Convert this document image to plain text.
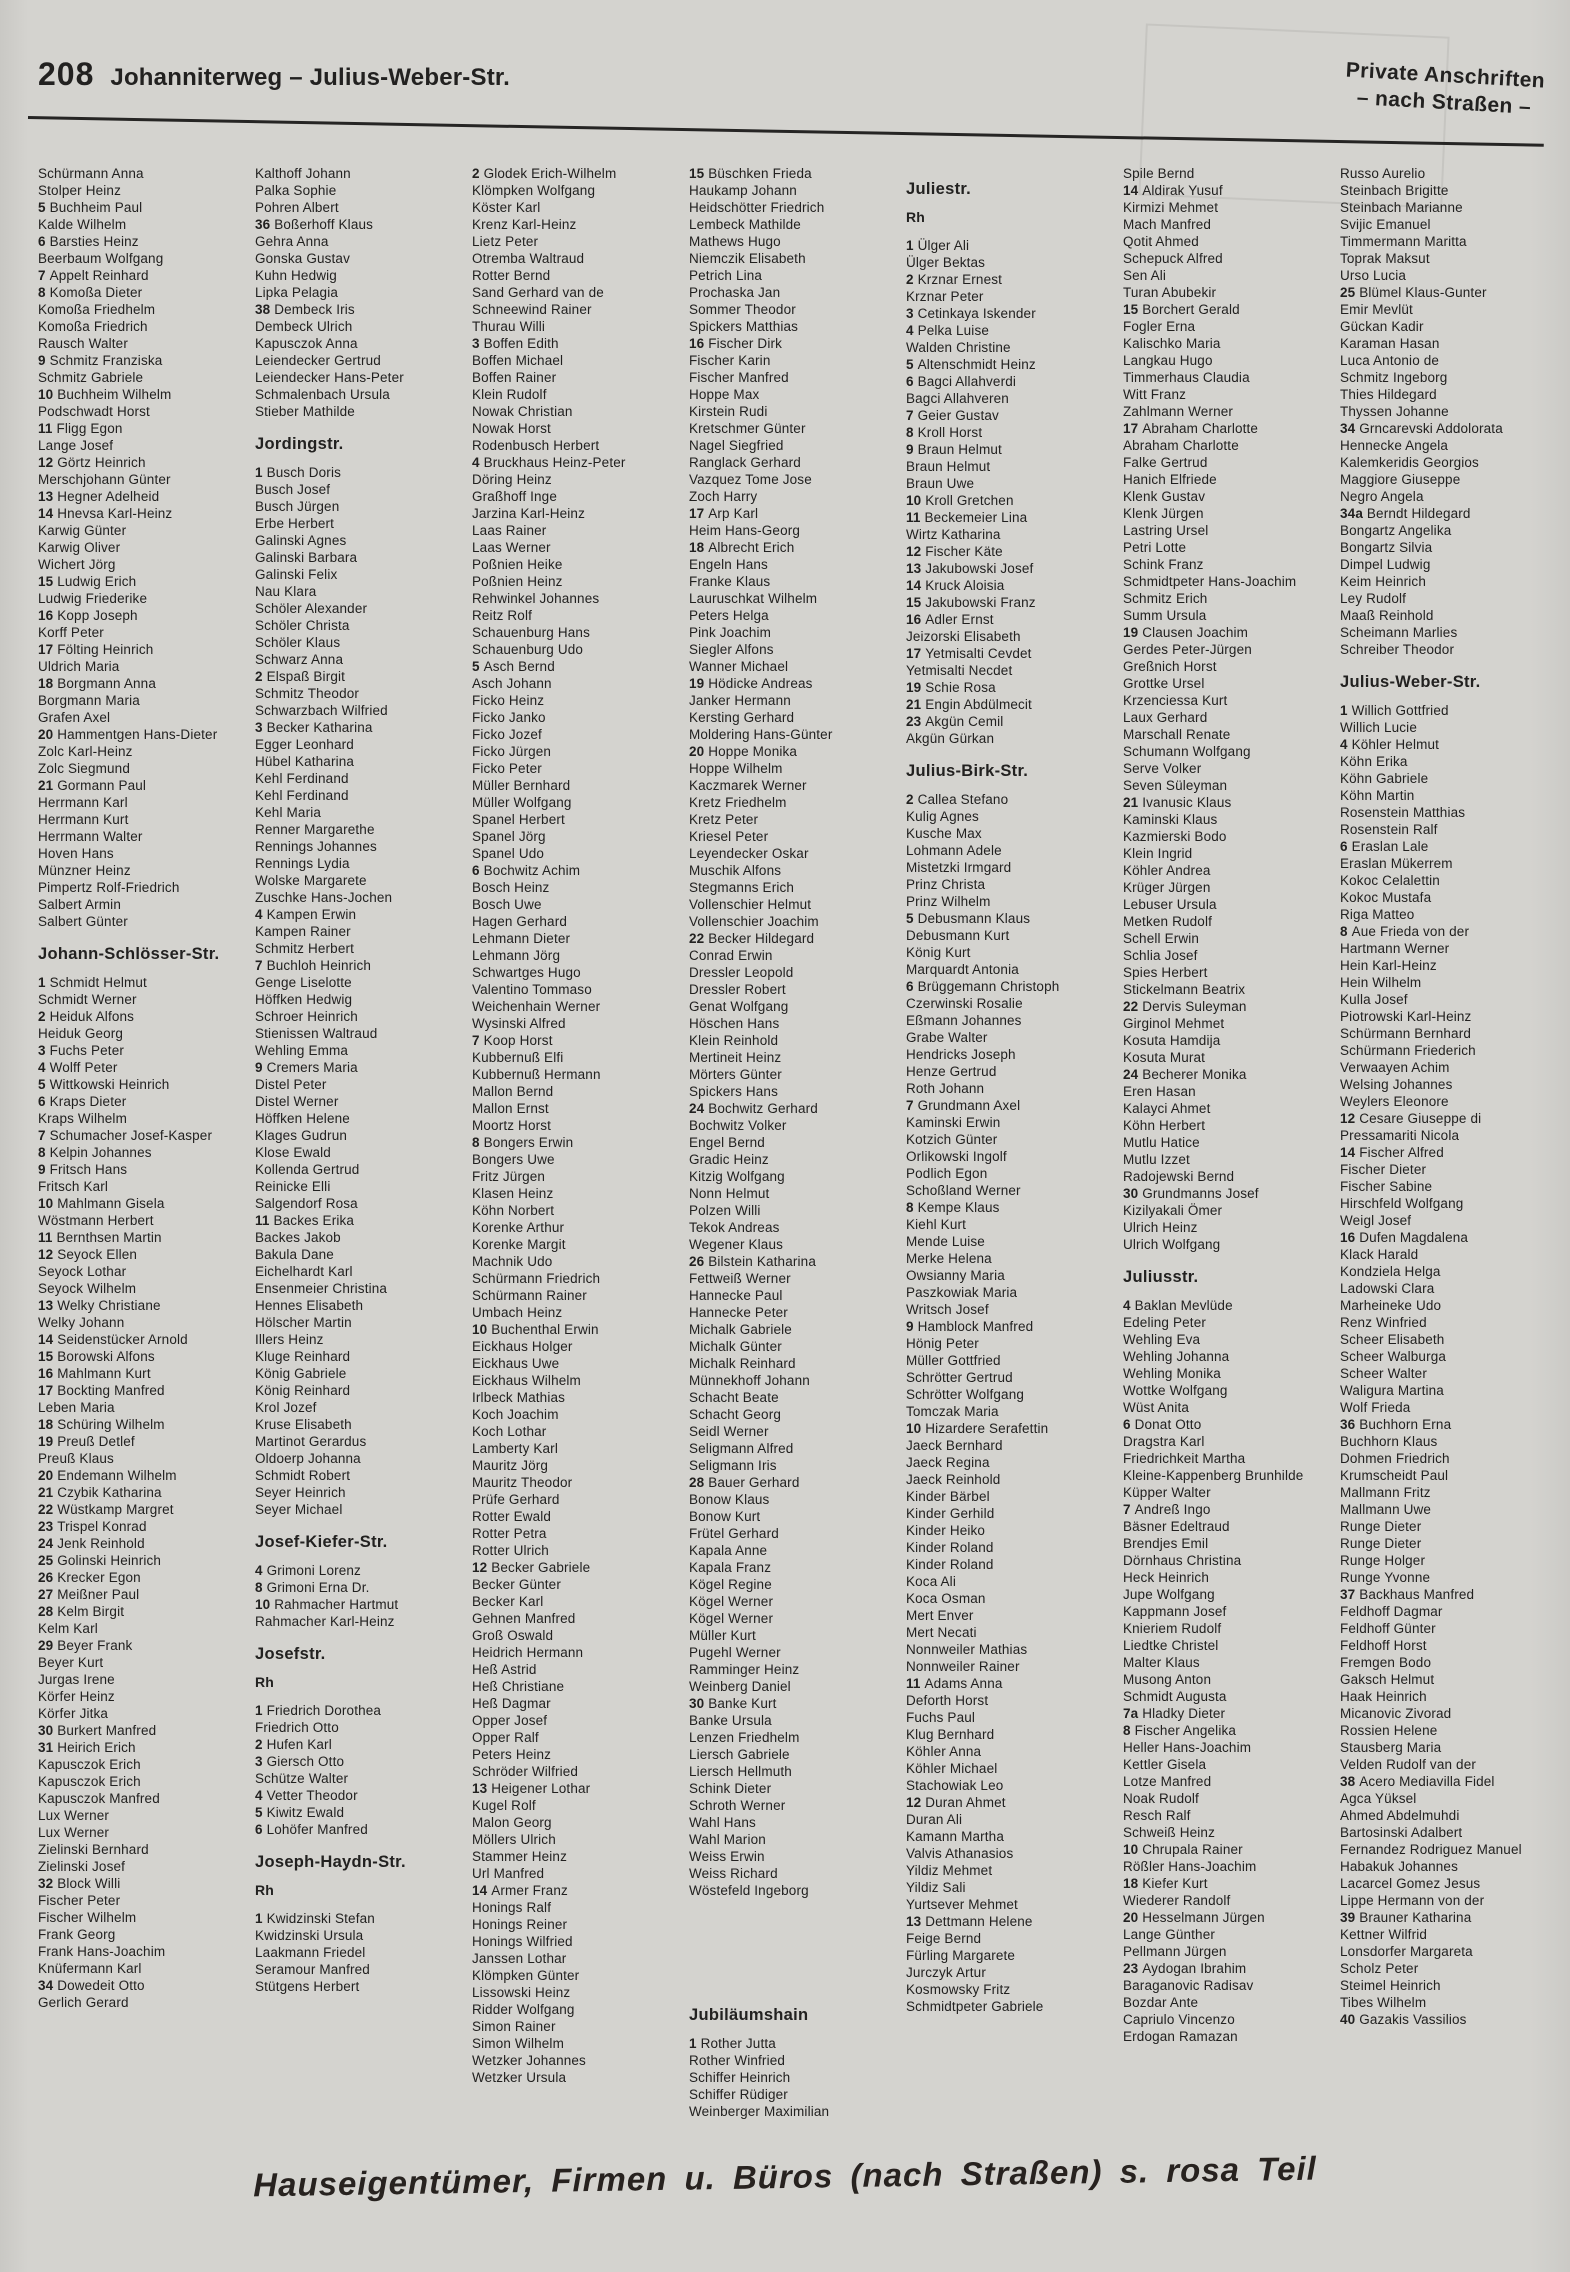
208 Johanniterweg – Julius-Weber-Str.	Private Anschriften
– nach Straßen –
Schürmann Anna
Stolper Heinz
5 Buchheim Paul
Kalde Wilhelm
6 Barsties Heinz
Beerbaum Wolfgang
7 Appelt Reinhard
8 Komoßa Dieter
Komoßa Friedhelm
Komoßa Friedrich
Rausch Walter
9 Schmitz Franziska
Schmitz Gabriele
10 Buchheim Wilhelm
Podschwadt Horst
11 Fligg Egon
Lange Josef
12 Görtz Heinrich
Merschjohann Günter
13 Hegner Adelheid
14 Hnevsa Karl-Heinz
Karwig Günter
Karwig Oliver
Wichert Jörg
15 Ludwig Erich
Ludwig Friederike
16 Kopp Joseph
Korff Peter
17 Fölting Heinrich
Uldrich Maria
18 Borgmann Anna
Borgmann Maria
Grafen Axel
20 Hammentgen Hans-Dieter
Zolc Karl-Heinz
Zolc Siegmund
21 Gormann Paul
Herrmann Karl
Herrmann Kurt
Herrmann Walter
Hoven Hans
Münzner Heinz
Pimpertz Rolf-Friedrich
Salbert Armin
Salbert Günter
Johann-Schlösser-Str.
1 Schmidt Helmut
Schmidt Werner
2 Heiduk Alfons
Heiduk Georg
3 Fuchs Peter
4 Wolff Peter
5 Wittkowski Heinrich
6 Kraps Dieter
Kraps Wilhelm
7 Schumacher Josef-Kasper
8 Kelpin Johannes
9 Fritsch Hans
Fritsch Karl
10 Mahlmann Gisela
Wöstmann Herbert
11 Bernthsen Martin
12 Seyock Ellen
Seyock Lothar
Seyock Wilhelm
13 Welky Christiane
Welky Johann
14 Seidenstücker Arnold
15 Borowski Alfons
16 Mahlmann Kurt
17 Bockting Manfred
Leben Maria
18 Schüring Wilhelm
19 Preuß Detlef
Preuß Klaus
20 Endemann Wilhelm
21 Czybik Katharina
22 Wüstkamp Margret
23 Trispel Konrad
24 Jenk Reinhold
25 Golinski Heinrich
26 Krecker Egon
27 Meißner Paul
28 Kelm Birgit
Kelm Karl
29 Beyer Frank
Beyer Kurt
Jurgas Irene
Körfer Heinz
Körfer Jitka
30 Burkert Manfred
31 Heirich Erich
Kapusczok Erich
Kapusczok Erich
Kapusczok Manfred
Lux Werner
Lux Werner
Zielinski Bernhard
Zielinski Josef
32 Block Willi
Fischer Peter
Fischer Wilhelm
Frank Georg
Frank Hans-Joachim
Knüfermann Karl
34 Dowedeit Otto
Gerlich Gerard
Kalthoff Johann
Palka Sophie
Pohren Albert
36 Boßerhoff Klaus
Gehra Anna
Gonska Gustav
Kuhn Hedwig
Lipka Pelagia
38 Dembeck Iris
Dembeck Ulrich
Kapusczok Anna
Leiendecker Gertrud
Leiendecker Hans-Peter
Schmalenbach Ursula
Stieber Mathilde
Jordingstr.
1 Busch Doris
Busch Josef
Busch Jürgen
Erbe Herbert
Galinski Agnes
Galinski Barbara
Galinski Felix
Nau Klara
Schöler Alexander
Schöler Christa
Schöler Klaus
Schwarz Anna
2 Elspaß Birgit
Schmitz Theodor
Schwarzbach Wilfried
3 Becker Katharina
Egger Leonhard
Hübel Katharina
Kehl Ferdinand
Kehl Ferdinand
Kehl Maria
Renner Margarethe
Rennings Johannes
Rennings Lydia
Wolske Margarete
Zuschke Hans-Jochen
4 Kampen Erwin
Kampen Rainer
Schmitz Herbert
7 Buchloh Heinrich
Genge Liselotte
Höffken Hedwig
Schroer Heinrich
Stienissen Waltraud
Wehling Emma
9 Cremers Maria
Distel Peter
Distel Werner
Höffken Helene
Klages Gudrun
Klose Ewald
Kollenda Gertrud
Reinicke Elli
Salgendorf Rosa
11 Backes Erika
Backes Jakob
Bakula Dane
Eichelhardt Karl
Ensenmeier Christina
Hennes Elisabeth
Hölscher Martin
Illers Heinz
Kluge Reinhard
König Gabriele
König Reinhard
Krol Jozef
Kruse Elisabeth
Martinot Gerardus
Oldoerp Johanna
Schmidt Robert
Seyer Heinrich
Seyer Michael
Josef-Kiefer-Str.
4 Grimoni Lorenz
8 Grimoni Erna Dr.
10 Rahmacher Hartmut
Rahmacher Karl-Heinz
Josefstr.
Rh
1 Friedrich Dorothea
Friedrich Otto
2 Hufen Karl
3 Giersch Otto
Schütze Walter
4 Vetter Theodor
5 Kiwitz Ewald
6 Lohöfer Manfred
Joseph-Haydn-Str.
Rh
1 Kwidzinski Stefan
Kwidzinski Ursula
Laakmann Friedel
Seramour Manfred
Stütgens Herbert
2 Glodek Erich-Wilhelm
Klömpken Wolfgang
Köster Karl
Krenz Karl-Heinz
Lietz Peter
Otremba Waltraud
Rotter Bernd
Sand Gerhard van de
Schneewind Rainer
Thurau Willi
3 Boffen Edith
Boffen Michael
Boffen Rainer
Klein Rudolf
Nowak Christian
Nowak Horst
Rodenbusch Herbert
4 Bruckhaus Heinz-Peter
Döring Heinz
Graßhoff Inge
Jarzina Karl-Heinz
Laas Rainer
Laas Werner
Poßnien Heike
Poßnien Heinz
Rehwinkel Johannes
Reitz Rolf
Schauenburg Hans
Schauenburg Udo
5 Asch Bernd
Asch Johann
Ficko Heinz
Ficko Janko
Ficko Jozef
Ficko Jürgen
Ficko Peter
Müller Bernhard
Müller Wolfgang
Spanel Herbert
Spanel Jörg
Spanel Udo
6 Bochwitz Achim
Bosch Heinz
Bosch Uwe
Hagen Gerhard
Lehmann Dieter
Lehmann Jörg
Schwartges Hugo
Valentino Tommaso
Weichenhain Werner
Wysinski Alfred
7 Koop Horst
Kubbernuß Elfi
Kubbernuß Hermann
Mallon Bernd
Mallon Ernst
Moortz Horst
8 Bongers Erwin
Bongers Uwe
Fritz Jürgen
Klasen Heinz
Köhn Norbert
Korenke Arthur
Korenke Margit
Machnik Udo
Schürmann Friedrich
Schürmann Rainer
Umbach Heinz
10 Buchenthal Erwin
Eickhaus Holger
Eickhaus Uwe
Eickhaus Wilhelm
Irlbeck Mathias
Koch Joachim
Koch Lothar
Lamberty Karl
Mauritz Jörg
Mauritz Theodor
Prüfe Gerhard
Rotter Ewald
Rotter Petra
Rotter Ulrich
12 Becker Gabriele
Becker Günter
Becker Karl
Gehnen Manfred
Groß Oswald
Heidrich Hermann
Heß Astrid
Heß Christiane
Heß Dagmar
Opper Josef
Opper Ralf
Peters Heinz
Schröder Wilfried
13 Heigener Lothar
Kugel Rolf
Malon Georg
Möllers Ulrich
Stammer Heinz
Url Manfred
14 Armer Franz
Honings Ralf
Honings Reiner
Honings Wilfried
Janssen Lothar
Klömpken Günter
Lissowski Heinz
Ridder Wolfgang
Simon Rainer
Simon Wilhelm
Wetzker Johannes
Wetzker Ursula
15 Büschken Frieda
Haukamp Johann
Heidschötter Friedrich
Lembeck Mathilde
Mathews Hugo
Niemczik Elisabeth
Petrich Lina
Prochaska Jan
Sommer Theodor
Spickers Matthias
16 Fischer Dirk
Fischer Karin
Fischer Manfred
Hoppe Max
Kirstein Rudi
Kretschmer Günter
Nagel Siegfried
Ranglack Gerhard
Vazquez Tome Jose
Zoch Harry
17 Arp Karl
Heim Hans-Georg
18 Albrecht Erich
Engeln Hans
Franke Klaus
Lauruschkat Wilhelm
Peters Helga
Pink Joachim
Siegler Alfons
Wanner Michael
19 Hödicke Andreas
Janker Hermann
Kersting Gerhard
Moldering Hans-Günter
20 Hoppe Monika
Hoppe Wilhelm
Kaczmarek Werner
Kretz Friedhelm
Kretz Peter
Kriesel Peter
Leyendecker Oskar
Muschik Alfons
Stegmanns Erich
Vollenschier Helmut
Vollenschier Joachim
22 Becker Hildegard
Conrad Erwin
Dressler Leopold
Dressler Robert
Genat Wolfgang
Höschen Hans
Klein Reinhold
Mertineit Heinz
Mörters Günter
Spickers Hans
24 Bochwitz Gerhard
Bochwitz Volker
Engel Bernd
Gradic Heinz
Kitzig Wolfgang
Nonn Helmut
Polzen Willi
Tekok Andreas
Wegener Klaus
26 Bilstein Katharina
Fettweiß Werner
Hannecke Paul
Hannecke Peter
Michalk Gabriele
Michalk Günter
Michalk Reinhard
Münnekhoff Johann
Schacht Beate
Schacht Georg
Seidl Werner
Seligmann Alfred
Seligmann Iris
28 Bauer Gerhard
Bonow Klaus
Bonow Kurt
Frütel Gerhard
Kapala Anne
Kapala Franz
Kögel Regine
Kögel Werner
Kögel Werner
Müller Kurt
Pugehl Werner
Ramminger Heinz
Weinberg Daniel
30 Banke Kurt
Banke Ursula
Lenzen Friedhelm
Liersch Gabriele
Liersch Hellmuth
Schink Dieter
Schroth Werner
Wahl Hans
Wahl Marion
Weiss Erwin
Weiss Richard
Wöstefeld Ingeborg
Jubiläumshain
1 Rother Jutta
Rother Winfried
Schiffer Heinrich
Schiffer Rüdiger
Weinberger Maximilian
Juliestr.
Rh
1 Ülger Ali
Ülger Bektas
2 Krznar Ernest
Krznar Peter
3 Cetinkaya Iskender
4 Pelka Luise
Walden Christine
5 Altenschmidt Heinz
6 Bagci Allahverdi
Bagci Allahveren
7 Geier Gustav
8 Kroll Horst
9 Braun Helmut
Braun Helmut
Braun Uwe
10 Kroll Gretchen
11 Beckemeier Lina
Wirtz Katharina
12 Fischer Käte
13 Jakubowski Josef
14 Kruck Aloisia
15 Jakubowski Franz
16 Adler Ernst
Jeizorski Elisabeth
17 Yetmisalti Cevdet
Yetmisalti Necdet
19 Schie Rosa
21 Engin Abdülmecit
23 Akgün Cemil
Akgün Gürkan
Julius-Birk-Str.
2 Callea Stefano
Kulig Agnes
Kusche Max
Lohmann Adele
Mistetzki Irmgard
Prinz Christa
Prinz Wilhelm
5 Debusmann Klaus
Debusmann Kurt
König Kurt
Marquardt Antonia
6 Brüggemann Christoph
Czerwinski Rosalie
Eßmann Johannes
Grabe Walter
Hendricks Joseph
Henze Gertrud
Roth Johann
7 Grundmann Axel
Kaminski Erwin
Kotzich Günter
Orlikowski Ingolf
Podlich Egon
Schoßland Werner
8 Kempe Klaus
Kiehl Kurt
Mende Luise
Merke Helena
Owsianny Maria
Paszkowiak Maria
Writsch Josef
9 Hamblock Manfred
Hönig Peter
Müller Gottfried
Schrötter Gertrud
Schrötter Wolfgang
Tomczak Maria
10 Hizardere Serafettin
Jaeck Bernhard
Jaeck Regina
Jaeck Reinhold
Kinder Bärbel
Kinder Gerhild
Kinder Heiko
Kinder Roland
Kinder Roland
Koca Ali
Koca Osman
Mert Enver
Mert Necati
Nonnweiler Mathias
Nonnweiler Rainer
11 Adams Anna
Deforth Horst
Fuchs Paul
Klug Bernhard
Köhler Anna
Köhler Michael
Stachowiak Leo
12 Duran Ahmet
Duran Ali
Kamann Martha
Valvis Athanasios
Yildiz Mehmet
Yildiz Sali
Yurtsever Mehmet
13 Dettmann Helene
Feige Bernd
Fürling Margarete
Jurczyk Artur
Kosmowsky Fritz
Schmidtpeter Gabriele
Spile Bernd
14 Aldirak Yusuf
Kirmizi Mehmet
Mach Manfred
Qotit Ahmed
Schepuck Alfred
Sen Ali
Turan Abubekir
15 Borchert Gerald
Fogler Erna
Kalischko Maria
Langkau Hugo
Timmerhaus Claudia
Witt Franz
Zahlmann Werner
17 Abraham Charlotte
Abraham Charlotte
Falke Gertrud
Hanich Elfriede
Klenk Gustav
Klenk Jürgen
Lastring Ursel
Petri Lotte
Schink Franz
Schmidtpeter Hans-Joachim
Schmitz Erich
Summ Ursula
19 Clausen Joachim
Gerdes Peter-Jürgen
Greßnich Horst
Grottke Ursel
Krzenciessa Kurt
Laux Gerhard
Marschall Renate
Schumann Wolfgang
Serve Volker
Seven Süleyman
21 Ivanusic Klaus
Kaminski Klaus
Kazmierski Bodo
Klein Ingrid
Köhler Andrea
Krüger Jürgen
Lebuser Ursula
Metken Rudolf
Schell Erwin
Schlia Josef
Spies Herbert
Stickelmann Beatrix
22 Dervis Suleyman
Girginol Mehmet
Kosuta Hamdija
Kosuta Murat
24 Becherer Monika
Eren Hasan
Kalayci Ahmet
Köhn Herbert
Mutlu Hatice
Mutlu Izzet
Radojewski Bernd
30 Grundmanns Josef
Kizilyakali Ömer
Ulrich Heinz
Ulrich Wolfgang
Juliusstr.
4 Baklan Mevlüde
Edeling Peter
Wehling Eva
Wehling Johanna
Wehling Monika
Wottke Wolfgang
Wüst Anita
6 Donat Otto
Dragstra Karl
Friedrichkeit Martha
Kleine-Kappenberg Brunhilde
Küpper Walter
7 Andreß Ingo
Bäsner Edeltraud
Brendjes Emil
Dörnhaus Christina
Heck Heinrich
Jupe Wolfgang
Kappmann Josef
Knieriem Rudolf
Liedtke Christel
Malter Klaus
Musong Anton
Schmidt Augusta
7a Hladky Dieter
8 Fischer Angelika
Heller Hans-Joachim
Kettler Gisela
Lotze Manfred
Noak Rudolf
Resch Ralf
Schweiß Heinz
10 Chrupala Rainer
Rößler Hans-Joachim
18 Kiefer Kurt
Wiederer Randolf
20 Hesselmann Jürgen
Lange Günther
Pellmann Jürgen
23 Aydogan Ibrahim
Baraganovic Radisav
Bozdar Ante
Capriulo Vincenzo
Erdogan Ramazan
Russo Aurelio
Steinbach Brigitte
Steinbach Marianne
Svijic Emanuel
Timmermann Maritta
Toprak Maksut
Urso Lucia
25 Blümel Klaus-Gunter
Emir Mevlüt
Gückan Kadir
Karaman Hasan
Luca Antonio de
Schmitz Ingeborg
Thies Hildegard
Thyssen Johanne
34 Grncarevski Addolorata
Hennecke Angela
Kalemkeridis Georgios
Maggiore Giuseppe
Negro Angela
34a Berndt Hildegard
Bongartz Angelika
Bongartz Silvia
Dimpel Ludwig
Keim Heinrich
Ley Rudolf
Maaß Reinhold
Scheimann Marlies
Schreiber Theodor
Julius-Weber-Str.
1 Willich Gottfried
Willich Lucie
4 Köhler Helmut
Köhn Erika
Köhn Gabriele
Köhn Martin
Rosenstein Matthias
Rosenstein Ralf
6 Eraslan Lale
Eraslan Mükerrem
Kokoc Celalettin
Kokoc Mustafa
Riga Matteo
8 Aue Frieda von der
Hartmann Werner
Hein Karl-Heinz
Hein Wilhelm
Kulla Josef
Piotrowski Karl-Heinz
Schürmann Bernhard
Schürmann Friederich
Verwaayen Achim
Welsing Johannes
Weylers Eleonore
12 Cesare Giuseppe di
Pressamariti Nicola
14 Fischer Alfred
Fischer Dieter
Fischer Sabine
Hirschfeld Wolfgang
Weigl Josef
16 Dufen Magdalena
Klack Harald
Kondziela Helga
Ladowski Clara
Marheineke Udo
Renz Winfried
Scheer Elisabeth
Scheer Walburga
Scheer Walter
Waligura Martina
Wolf Frieda
36 Buchhorn Erna
Buchhorn Klaus
Dohmen Friedrich
Krumscheidt Paul
Mallmann Fritz
Mallmann Uwe
Runge Dieter
Runge Dieter
Runge Holger
Runge Yvonne
37 Backhaus Manfred
Feldhoff Dagmar
Feldhoff Günter
Feldhoff Horst
Fremgen Bodo
Gaksch Helmut
Haak Heinrich
Micanovic Zivorad
Rossien Helene
Stausberg Maria
Velden Rudolf van der
38 Acero Mediavilla Fidel
Agca Yüksel
Ahmed Abdelmuhdi
Bartosinski Adalbert
Fernandez Rodriguez Manuel
Habakuk Johannes
Lacarcel Gomez Jesus
Lippe Hermann von der
39 Brauner Katharina
Kettner Wilfrid
Lonsdorfer Margareta
Scholz Peter
Steimel Heinrich
Tibes Wilhelm
40 Gazakis Vassilios
Hauseigentümer, Firmen u. Büros (nach Straßen) s. rosa Teil
